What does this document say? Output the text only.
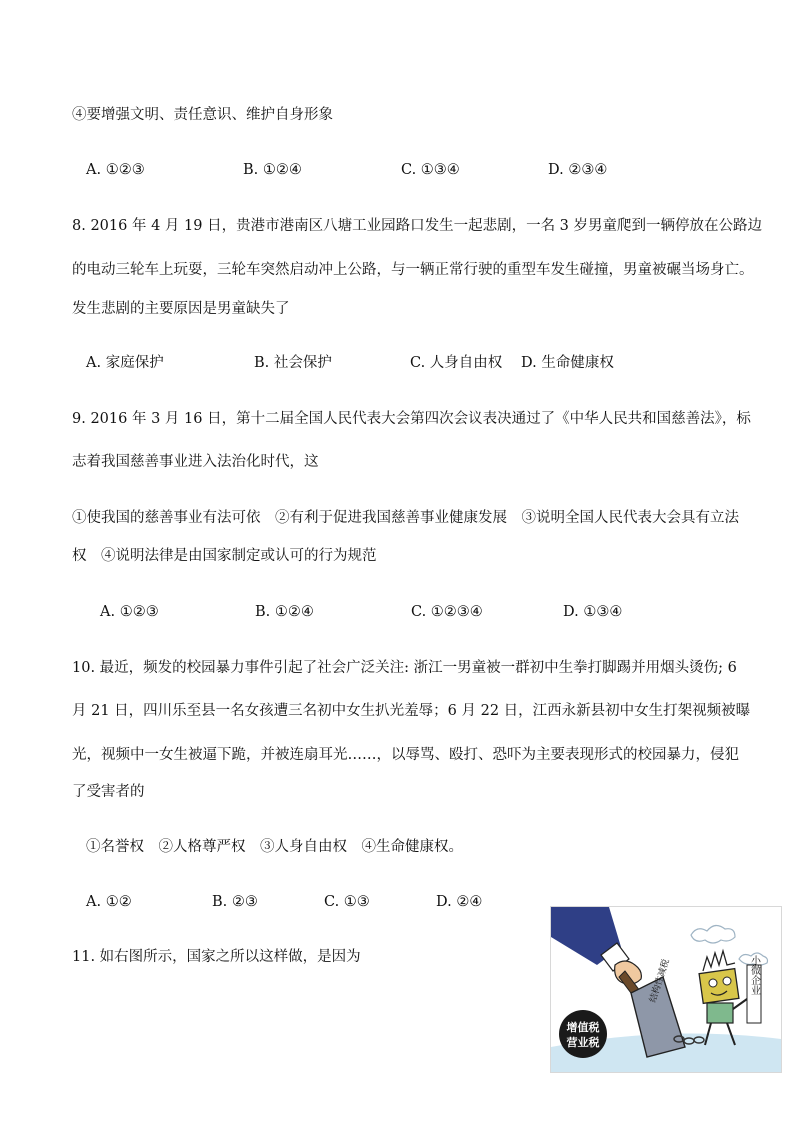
④要增强文明、责任意识、维护自身形象
A. ①②③	B. ①②④	C. ①③④	D. ②③④
8. 2016 年 4 月 19 日，贵港市港南区八塘工业园路口发生一起悲剧，一名 3 岁男童爬到一辆停放在公路边
的电动三轮车上玩耍，三轮车突然启动冲上公路，与一辆正常行驶的重型车发生碰撞，男童被碾当场身亡。
发生悲剧的主要原因是男童缺失了
A. 家庭保护	B. 社会保护	C. 人身自由权 D. 生命健康权
9. 2016 年 3 月 16 日，第十二届全国人民代表大会第四次会议表决通过了《中华人民共和国慈善法》，标
志着我国慈善事业进入法治化时代，这
①使我国的慈善事业有法可依　②有利于促进我国慈善事业健康发展　③说明全国人民代表大会具有立法
权　④说明法律是由国家制定或认可的行为规范
A. ①②③	B. ①②④	C. ①②③④	D. ①③④
10. 最近，频发的校园暴力事件引起了社会广泛关注: 浙江一男童被一群初中生拳打脚踢并用烟头烫伤; 6
月 21 日，四川乐至县一名女孩遭三名初中女生扒光羞辱；6 月 22 日，江西永新县初中女生打架视频被曝
光，视频中一女生被逼下跪，并被连扇耳光……，以辱骂、殴打、恐吓为主要表现形式的校园暴力，侵犯
了受害者的
①名誉权　②人格尊严权　③人身自由权　④生命健康权。
A. ①②	B. ②③	C. ①③	D. ②④
11. 如右图所示，国家之所以这样做，是因为
结构性减税	小微企业
增值税
营业税
